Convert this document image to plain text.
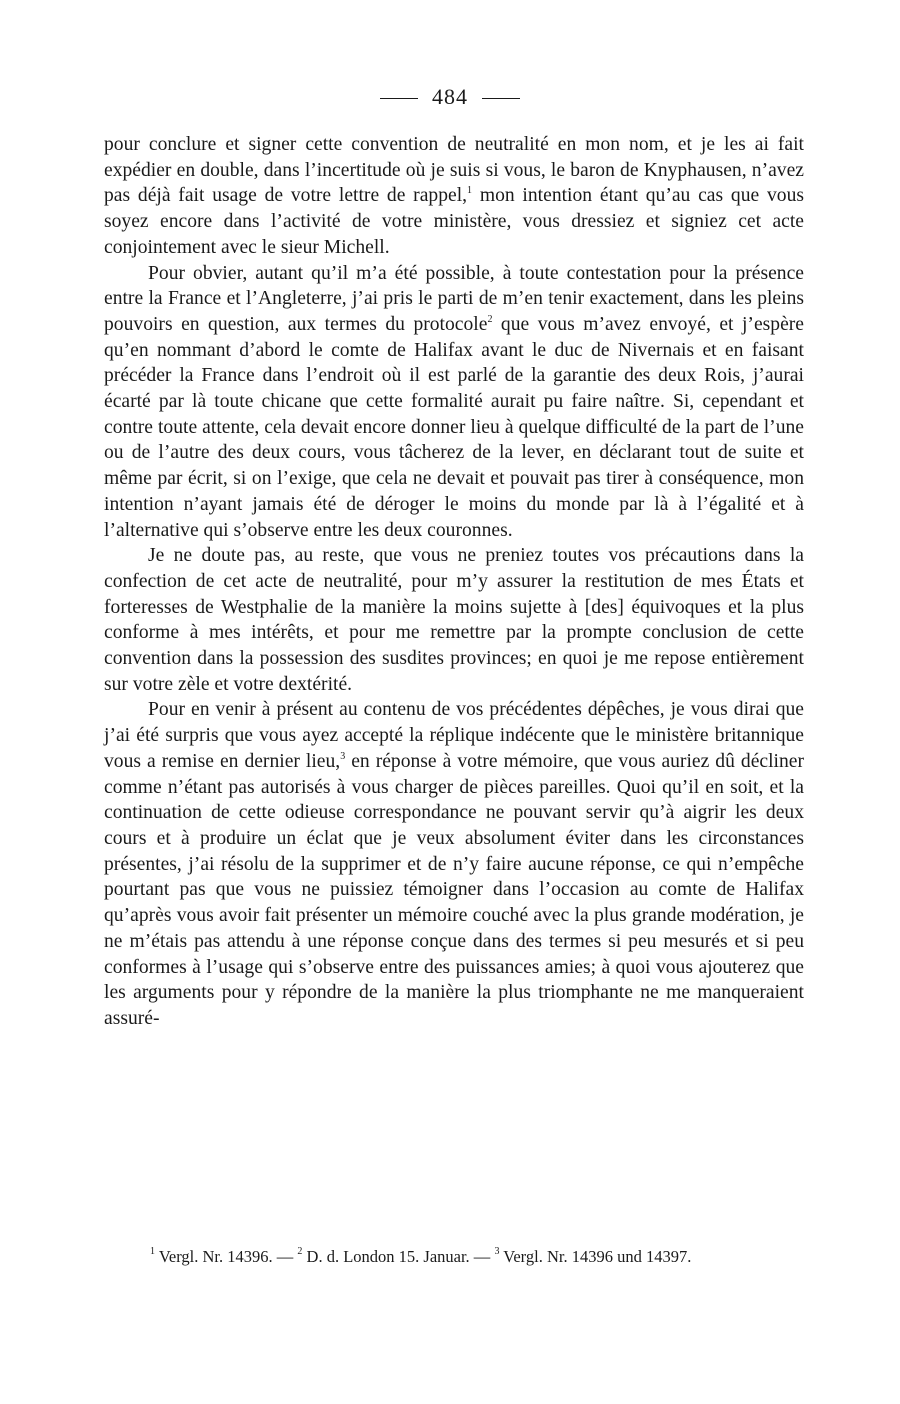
484

pour conclure et signer cette convention de neutralité en mon nom, et je les ai fait expédier en double, dans l’incertitude où je suis si vous, le baron de Knyphausen, n’avez pas déjà fait usage de votre lettre de rappel,$^1$ mon intention étant qu’au cas que vous soyez encore dans l’activité de votre ministère, vous dressiez et signiez cet acte conjointement avec le sieur Michell.

Pour obvier, autant qu’il m’a été possible, à toute contestation pour la présence entre la France et l’Angleterre, j’ai pris le parti de m’en tenir exactement, dans les pleins pouvoirs en question, aux termes du protocole$^2$ que vous m’avez envoyé, et j’espère qu’en nommant d’abord le comte de Halifax avant le duc de Nivernais et en faisant précéder la France dans l’endroit où il est parlé de la garantie des deux Rois, j’aurai écarté par là toute chicane que cette formalité aurait pu faire naître. Si, cependant et contre toute attente, cela devait encore donner lieu à quelque difficulté de la part de l’une ou de l’autre des deux cours, vous tâcherez de la lever, en déclarant tout de suite et même par écrit, si on l’exige, que cela ne devait et pouvait pas tirer à conséquence, mon intention n’ayant jamais été de déroger le moins du monde par là à l’égalité et à l’alternative qui s’observe entre les deux couronnes.

Je ne doute pas, au reste, que vous ne preniez toutes vos précautions dans la confection de cet acte de neutralité, pour m’y assurer la restitution de mes États et forteresses de Westphalie de la manière la moins sujette à [des] équivoques et la plus conforme à mes intérêts, et pour me remettre par la prompte conclusion de cette convention dans la possession des susdites provinces; en quoi je me repose entièrement sur votre zèle et votre dextérité.

Pour en venir à présent au contenu de vos précédentes dépêches, je vous dirai que j’ai été surpris que vous ayez accepté la réplique indécente que le ministère britannique vous a remise en dernier lieu,$^3$ en réponse à votre mémoire, que vous auriez dû décliner comme n’étant pas autorisés à vous charger de pièces pareilles. Quoi qu’il en soit, et la continuation de cette odieuse correspondance ne pouvant servir qu’à aigrir les deux cours et à produire un éclat que je veux absolument éviter dans les circonstances présentes, j’ai résolu de la supprimer et de n’y faire aucune réponse, ce qui n’empêche pourtant pas que vous ne puissiez témoigner dans l’occasion au comte de Halifax qu’après vous avoir fait présenter un mémoire couché avec la plus grande modération, je ne m’étais pas attendu à une réponse conçue dans des termes si peu mesurés et si peu conformes à l’usage qui s’observe entre des puissances amies; à quoi vous ajouterez que les arguments pour y répondre de la manière la plus triomphante ne me manqueraient assuré-

$^1$ Vergl. Nr. 14396. — $^2$ D. d. London 15. Januar. — $^3$ Vergl. Nr. 14396 und 14397.
